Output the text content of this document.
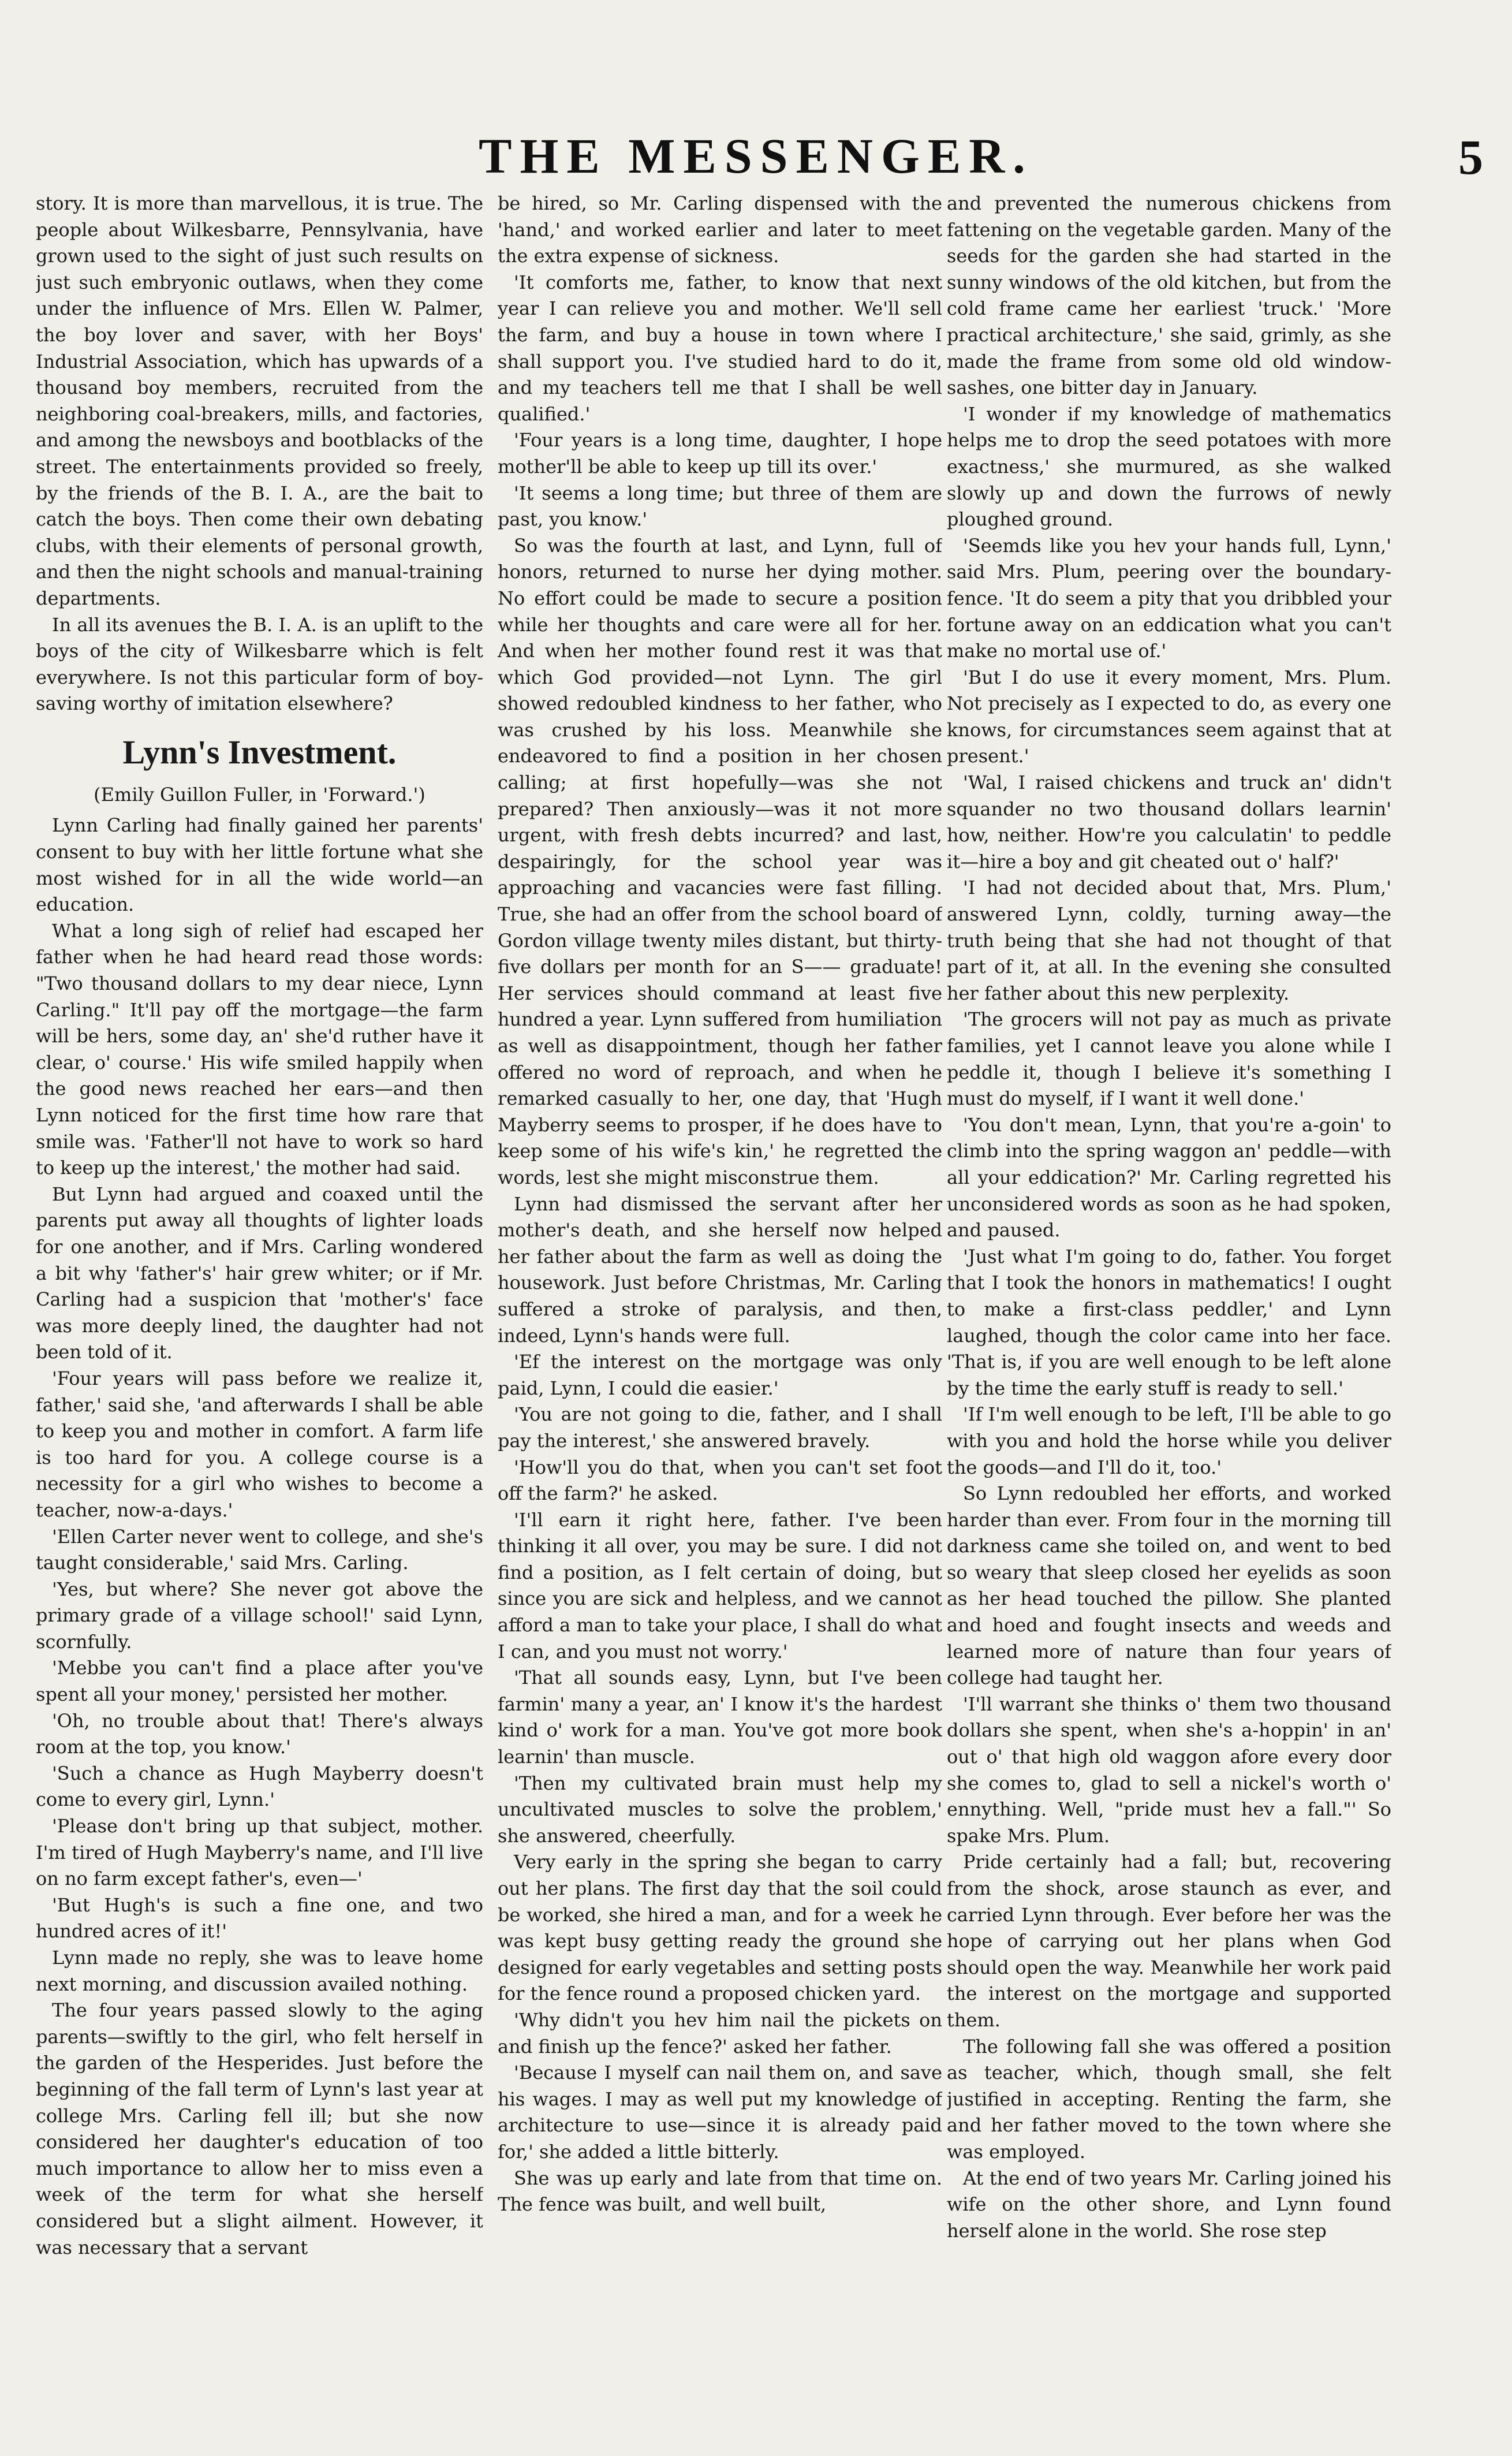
THE MESSENGER.	5

story. It is more than marvellous, it is true. The people about Wilkesbarre, Pennsylvania, have grown used to the sight of just such results on just such embryonic outlaws, when they come under the influence of Mrs. Ellen W. Palmer, the boy lover and saver, with her Boys' Industrial Association, which has upwards of a thousand boy members, recruited from the neighboring coal-breakers, mills, and factories, and among the newsboys and bootblacks of the street. The entertainments provided so freely, by the friends of the B. I. A., are the bait to catch the boys. Then come their own debating clubs, with their elements of personal growth, and then the night schools and manual-training departments.

In all its avenues the B. I. A. is an uplift to the boys of the city of Wilkesbarre which is felt everywhere. Is not this particular form of boy-saving worthy of imitation elsewhere?

Lynn's Investment.

(Emily Guillon Fuller, in 'Forward.')

Lynn Carling had finally gained her parents' consent to buy with her little fortune what she most wished for in all the wide world—an education.

What a long sigh of relief had escaped her father when he had heard read those words: "Two thousand dollars to my dear niece, Lynn Carling." It'll pay off the mortgage—the farm will be hers, some day, an' she'd ruther have it clear, o' course.' His wife smiled happily when the good news reached her ears—and then Lynn noticed for the first time how rare that smile was. 'Father'll not have to work so hard to keep up the interest,' the mother had said.

But Lynn had argued and coaxed until the parents put away all thoughts of lighter loads for one another, and if Mrs. Carling wondered a bit why 'father's' hair grew whiter; or if Mr. Carling had a suspicion that 'mother's' face was more deeply lined, the daughter had not been told of it.

'Four years will pass before we realize it, father,' said she, 'and afterwards I shall be able to keep you and mother in comfort. A farm life is too hard for you. A college course is a necessity for a girl who wishes to become a teacher, now-a-days.'

'Ellen Carter never went to college, and she's taught considerable,' said Mrs. Carling.

'Yes, but where? She never got above the primary grade of a village school!' said Lynn, scornfully.

'Mebbe you can't find a place after you've spent all your money,' persisted her mother.

'Oh, no trouble about that! There's always room at the top, you know.'

'Such a chance as Hugh Mayberry doesn't come to every girl, Lynn.'

'Please don't bring up that subject, mother. I'm tired of Hugh Mayberry's name, and I'll live on no farm except father's, even—'

'But Hugh's is such a fine one, and two hundred acres of it!'

Lynn made no reply, she was to leave home next morning, and discussion availed nothing.

The four years passed slowly to the aging parents—swiftly to the girl, who felt herself in the garden of the Hesperides. Just before the beginning of the fall term of Lynn's last year at college Mrs. Carling fell ill; but she now considered her daughter's education of too much importance to allow her to miss even a week of the term for what she herself considered but a slight ailment. However, it was necessary that a servant

be hired, so Mr. Carling dispensed with the 'hand,' and worked earlier and later to meet the extra expense of sickness.

'It comforts me, father, to know that next year I can relieve you and mother. We'll sell the farm, and buy a house in town where I shall support you. I've studied hard to do it, and my teachers tell me that I shall be well qualified.'

'Four years is a long time, daughter, I hope mother'll be able to keep up till its over.'

'It seems a long time; but three of them are past, you know.'

So was the fourth at last, and Lynn, full of honors, returned to nurse her dying mother. No effort could be made to secure a position while her thoughts and care were all for her. And when her mother found rest it was that which God provided—not Lynn. The girl showed redoubled kindness to her father, who was crushed by his loss. Meanwhile she endeavored to find a position in her chosen calling; at first hopefully—was she not prepared? Then anxiously—was it not more urgent, with fresh debts incurred? and last, despairingly, for the school year was approaching and vacancies were fast filling. True, she had an offer from the school board of Gordon village twenty miles distant, but thirty-five dollars per month for an S—— graduate! Her services should command at least five hundred a year. Lynn suffered from humiliation as well as disappointment, though her father offered no word of reproach, and when he remarked casually to her, one day, that 'Hugh Mayberry seems to prosper, if he does have to keep some of his wife's kin,' he regretted the words, lest she might misconstrue them.

Lynn had dismissed the servant after her mother's death, and she herself now helped her father about the farm as well as doing the housework. Just before Christmas, Mr. Carling suffered a stroke of paralysis, and then, indeed, Lynn's hands were full.

'Ef the interest on the mortgage was only paid, Lynn, I could die easier.'

'You are not going to die, father, and I shall pay the interest,' she answered bravely.

'How'll you do that, when you can't set foot off the farm?' he asked.

'I'll earn it right here, father. I've been thinking it all over, you may be sure. I did not find a position, as I felt certain of doing, but since you are sick and helpless, and we cannot afford a man to take your place, I shall do what I can, and you must not worry.'

'That all sounds easy, Lynn, but I've been farmin' many a year, an' I know it's the hardest kind o' work for a man. You've got more book learnin' than muscle.

'Then my cultivated brain must help my uncultivated muscles to solve the problem,' she answered, cheerfully.

Very early in the spring she began to carry out her plans. The first day that the soil could be worked, she hired a man, and for a week he was kept busy getting ready the ground she designed for early vegetables and setting posts for the fence round a proposed chicken yard.

'Why didn't you hev him nail the pickets on and finish up the fence?' asked her father.

'Because I myself can nail them on, and save his wages. I may as well put my knowledge of architecture to use—since it is already paid for,' she added a little bitterly.

She was up early and late from that time on. The fence was built, and well built,

and prevented the numerous chickens from fattening on the vegetable garden. Many of the seeds for the garden she had started in the sunny windows of the old kitchen, but from the cold frame came her earliest 'truck.' 'More practical architecture,' she said, grimly, as she made the frame from some old old window-sashes, one bitter day in January.

'I wonder if my knowledge of mathematics helps me to drop the seed potatoes with more exactness,' she murmured, as she walked slowly up and down the furrows of newly ploughed ground.

'Seemds like you hev your hands full, Lynn,' said Mrs. Plum, peering over the boundary-fence. 'It do seem a pity that you dribbled your fortune away on an eddication what you can't make no mortal use of.'

'But I do use it every moment, Mrs. Plum. Not precisely as I expected to do, as every one knows, for circumstances seem against that at present.'

'Wal, I raised chickens and truck an' didn't squander no two thousand dollars learnin' how, neither. How're you calculatin' to peddle it—hire a boy and git cheated out o' half?'

'I had not decided about that, Mrs. Plum,' answered Lynn, coldly, turning away—the truth being that she had not thought of that part of it, at all. In the evening she consulted her father about this new perplexity.

'The grocers will not pay as much as private families, yet I cannot leave you alone while I peddle it, though I believe it's something I must do myself, if I want it well done.'

'You don't mean, Lynn, that you're a-goin' to climb into the spring waggon an' peddle—with all your eddication?' Mr. Carling regretted his unconsidered words as soon as he had spoken, and paused.

'Just what I'm going to do, father. You forget that I took the honors in mathematics! I ought to make a first-class peddler,' and Lynn laughed, though the color came into her face. 'That is, if you are well enough to be left alone by the time the early stuff is ready to sell.'

'If I'm well enough to be left, I'll be able to go with you and hold the horse while you deliver the goods—and I'll do it, too.'

So Lynn redoubled her efforts, and worked harder than ever. From four in the morning till darkness came she toiled on, and went to bed so weary that sleep closed her eyelids as soon as her head touched the pillow. She planted and hoed and fought insects and weeds and learned more of nature than four years of college had taught her.

'I'll warrant she thinks o' them two thousand dollars she spent, when she's a-hoppin' in an' out o' that high old waggon afore every door she comes to, glad to sell a nickel's worth o' ennything. Well, "pride must hev a fall."' So spake Mrs. Plum.

Pride certainly had a fall; but, recovering from the shock, arose staunch as ever, and carried Lynn through. Ever before her was the hope of carrying out her plans when God should open the way. Meanwhile her work paid the interest on the mortgage and supported them.

The following fall she was offered a position as teacher, which, though small, she felt justified in accepting. Renting the farm, she and her father moved to the town where she was employed.

At the end of two years Mr. Carling joined his wife on the other shore, and Lynn found herself alone in the world. She rose step
